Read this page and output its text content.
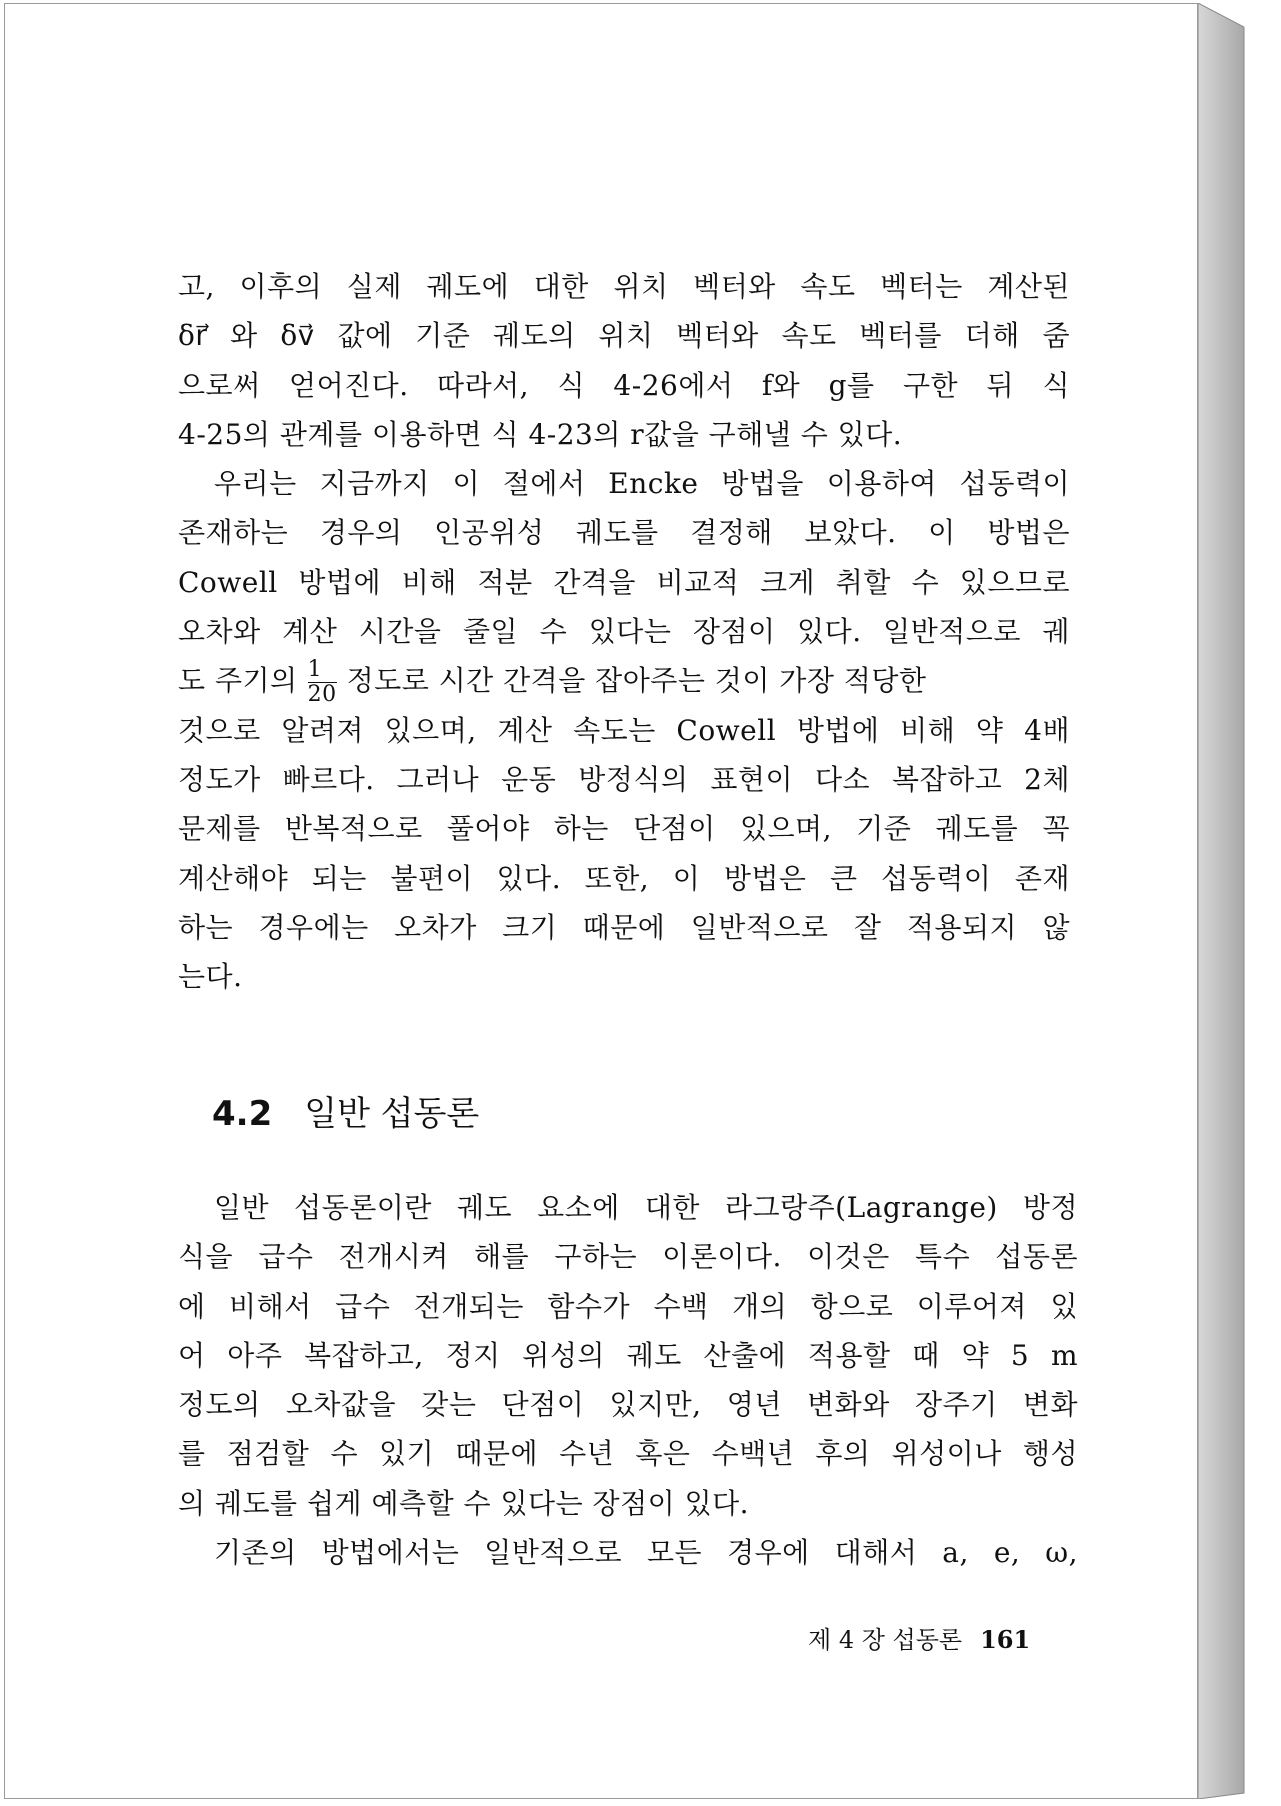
고, 이후의 실제 궤도에 대한 위치 벡터와 속도 벡터는 계산된
δr⃗ 와 δv⃗ 값에 기준 궤도의 위치 벡터와 속도 벡터를 더해 줌
으로써 얻어진다. 따라서, 식 4-26에서 f와 g를 구한 뒤 식
4-25의 관계를 이용하면 식 4-23의 r값을 구해낼 수 있다.
우리는 지금까지 이 절에서 Encke 방법을 이용하여 섭동력이
존재하는 경우의 인공위성 궤도를 결정해 보았다. 이 방법은
Cowell 방법에 비해 적분 간격을 비교적 크게 취할 수 있으므로
오차와 계산 시간을 줄일 수 있다는 장점이 있다. 일반적으로 궤
도 주기의 $\frac{1}{20}$ 정도로 시간 간격을 잡아주는 것이 가장 적당한
것으로 알려져 있으며, 계산 속도는 Cowell 방법에 비해 약 4배
정도가 빠르다. 그러나 운동 방정식의 표현이 다소 복잡하고 2체
문제를 반복적으로 풀어야 하는 단점이 있으며, 기준 궤도를 꼭
계산해야 되는 불편이 있다. 또한, 이 방법은 큰 섭동력이 존재
하는 경우에는 오차가 크기 때문에 일반적으로 잘 적용되지 않
는다.
4.2 일반 섭동론
일반 섭동론이란 궤도 요소에 대한 라그랑주(Lagrange) 방정
식을 급수 전개시켜 해를 구하는 이론이다. 이것은 특수 섭동론
에 비해서 급수 전개되는 함수가 수백 개의 항으로 이루어져 있
어 아주 복잡하고, 정지 위성의 궤도 산출에 적용할 때 약 5 m
정도의 오차값을 갖는 단점이 있지만, 영년 변화와 장주기 변화
를 점검할 수 있기 때문에 수년 혹은 수백년 후의 위성이나 행성
의 궤도를 쉽게 예측할 수 있다는 장점이 있다.
기존의 방법에서는 일반적으로 모든 경우에 대해서 a, e, ω,
제 4 장 섭동론 161
